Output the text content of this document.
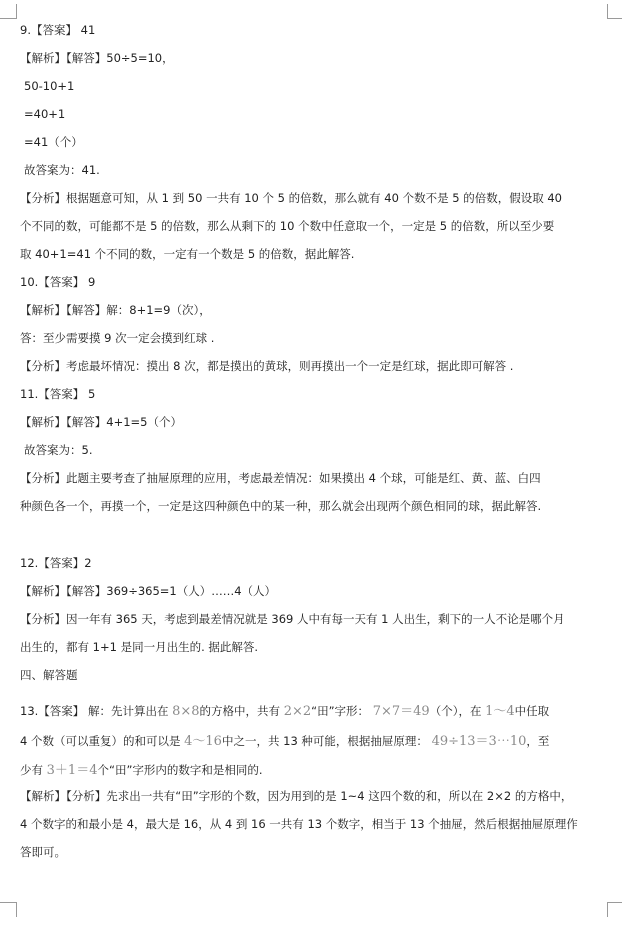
9.【答案】 41
【解析】【解答】50÷5=10，
50-10+1
=40+1
=41（个）
故答案为：41.
【分析】根据题意可知，从 1 到 50 一共有 10 个 5 的倍数，那么就有 40 个数不是 5 的倍数，假设取 40
个不同的数，可能都不是 5 的倍数，那么从剩下的 10 个数中任意取一个，一定是 5 的倍数，所以至少要
取 40+1=41 个不同的数，一定有一个数是 5 的倍数，据此解答.
10.【答案】 9
【解析】【解答】解：8+1=9（次），
答：至少需要摸 9 次一定会摸到红球 .
【分析】考虑最坏情况：摸出 8 次，都是摸出的黄球，则再摸出一个一定是红球，据此即可解答 .
11.【答案】 5
【解析】【解答】4+1=5（个）
故答案为：5.
【分析】此题主要考查了抽屉原理的应用，考虑最差情况：如果摸出 4 个球，可能是红、黄、蓝、白四
种颜色各一个，再摸一个，一定是这四种颜色中的某一种，那么就会出现两个颜色相同的球，据此解答.
12.【答案】2
【解析】【解答】369÷365=1（人）……4（人）
【分析】因一年有 365 天，考虑到最差情况就是 369 人中有每一天有 1 人出生，剩下的一人不论是哪个月
出生的，都有 1+1 是同一月出生的. 据此解答.
四、解答题
13.【答案】 解：先计算出在 8×8的方格中，共有 2×2“田”字形： 7×7＝49（个），在 1～4中任取
4 个数（可以重复）的和可以是 4～16中之一，共 13 种可能，根据抽屉原理： 49÷13＝3⋯10，至
少有 3＋1＝4个“田”字形内的数字和是相同的.
【解析】【分析】先求出一共有“田”字形的个数，因为用到的是 1~4 这四个数的和，所以在 2×2 的方格中，
4 个数字的和最小是 4，最大是 16，从 4 到 16 一共有 13 个数字，相当于 13 个抽屉，然后根据抽屉原理作
答即可。
